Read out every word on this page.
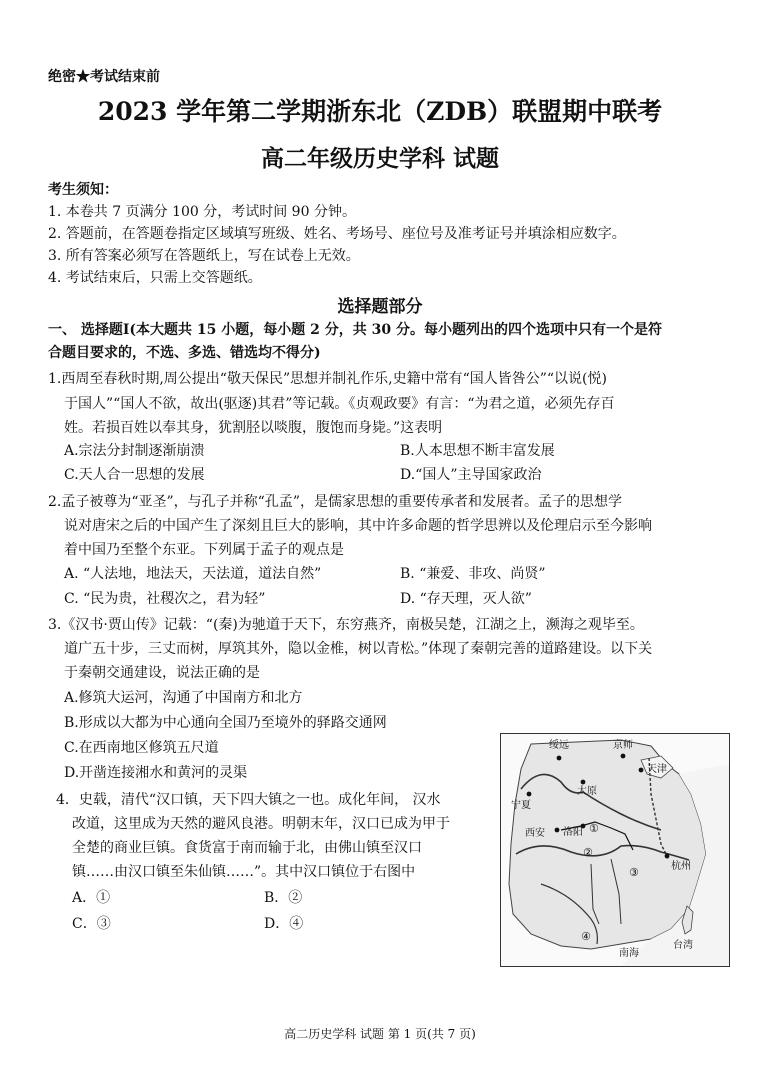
绝密★考试结束前
2023 学年第二学期浙东北（ZDB）联盟期中联考
高二年级历史学科 试题
考生须知：
1. 本卷共 7 页满分 100 分，考试时间 90 分钟。
2. 答题前，在答题卷指定区域填写班级、姓名、考场号、座位号及准考证号并填涂相应数字。
3. 所有答案必须写在答题纸上，写在试卷上无效。
4. 考试结束后，只需上交答题纸。
选择题部分
一、 选择题Ⅰ(本大题共 15 小题，每小题 2 分，共 30 分。每小题列出的四个选项中只有一个是符
合题目要求的，不选、多选、错选均不得分)
1.西周至春秋时期,周公提出“敬天保民”思想并制礼作乐,史籍中常有“国人皆咎公”“以说(悦)
于国人”“国人不欲，故出(驱逐)其君”等记载。《贞观政要》有言：“为君之道，必须先存百
姓。若损百姓以奉其身，犹割胫以啖腹，腹饱而身毙。”这表明
A.宗法分封制逐渐崩溃	B.人本思想不断丰富发展
C.天人合一思想的发展	D.“国人”主导国家政治
2.孟子被尊为“亚圣”，与孔子并称“孔孟”，是儒家思想的重要传承者和发展者。孟子的思想学
说对唐宋之后的中国产生了深刻且巨大的影响，其中许多命题的哲学思辨以及伦理启示至今影响
着中国乃至整个东亚。下列属于孟子的观点是
A. “人法地，地法天，天法道，道法自然”	B. “兼爱、非攻、尚贤”
C. “民为贵，社稷次之，君为轻”	D. “存天理，灭人欲”
3.《汉书·贾山传》记载：“(秦)为驰道于天下，东穷燕齐，南极吴楚，江湖之上，濒海之观毕至。
道广五十步，三丈而树，厚筑其外，隐以金椎，树以青松。”体现了秦朝完善的道路建设。以下关
于秦朝交通建设，说法正确的是
A.修筑大运河，沟通了中国南方和北方
B.形成以大都为中心通向全国乃至境外的驿路交通网
C.在西南地区修筑五尺道
D.开凿连接湘水和黄河的灵渠
4．史载，清代“汉口镇，天下四大镇之一也。成化年间， 汉水
改道，这里成为天然的避风良港。明朝末年，汉口已成为甲于
全楚的商业巨镇。食货富于南而输于北，由佛山镇至汉口
镇……由汉口镇至朱仙镇……”。其中汉口镇位于右图中
A．①	B．②
C．③	D．④
绥远	京师
天津
太原
宁夏
西安 洛阳
杭州
南海
台湾
①
②
③
④
高二历史学科 试题 第 1 页(共 7 页)
